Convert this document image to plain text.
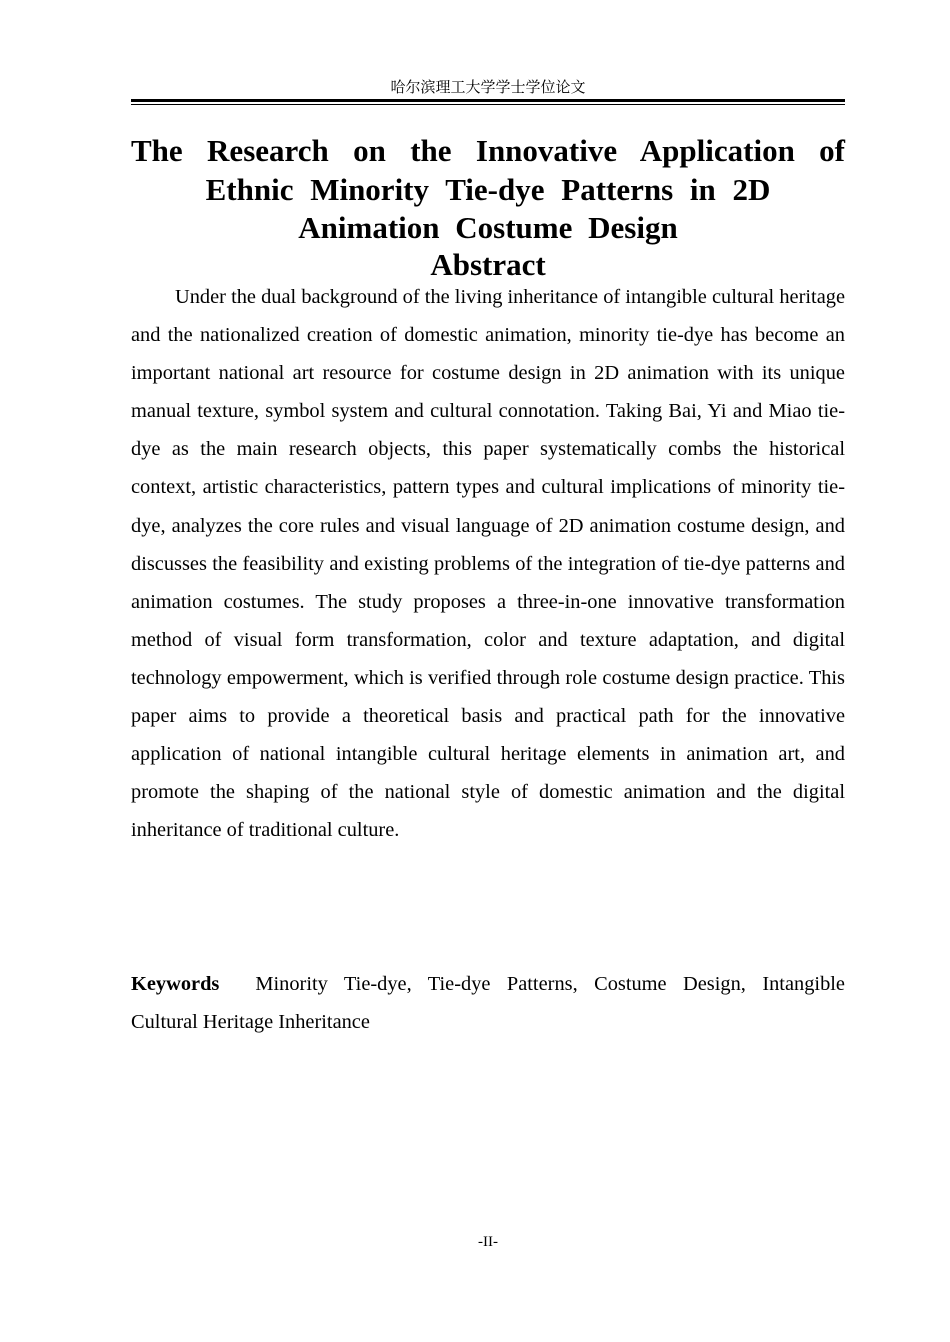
哈尔滨理工大学学士学位论文
The Research on the Innovative Application of
Ethnic Minority Tie-dye Patterns in 2D
Animation Costume Design
Abstract

Under the dual background of the living inheritance of intangible cultural heritage and the nationalized creation of domestic animation, minority tie-dye has become an important national art resource for costume design in 2D animation with its unique manual texture, symbol system and cultural connotation. Taking Bai, Yi and Miao tie-dye as the main research objects, this paper systematically combs the historical context, artistic characteristics, pattern types and cultural implications of minority tie-dye, analyzes the core rules and visual language of 2D animation costume design, and discusses the feasibility and existing problems of the integration of tie-dye patterns and animation costumes. The study proposes a three-in-one innovative transformation method of visual form transformation, color and texture adaptation, and digital technology empowerment, which is verified through role costume design practice. This paper aims to provide a theoretical basis and practical path for the innovative application of national intangible cultural heritage elements in animation art, and promote the shaping of the national style of domestic animation and the digital inheritance of traditional culture.

Keywords Minority Tie-dye, Tie-dye Patterns, Costume Design, Intangible Cultural Heritage Inheritance

-II-
